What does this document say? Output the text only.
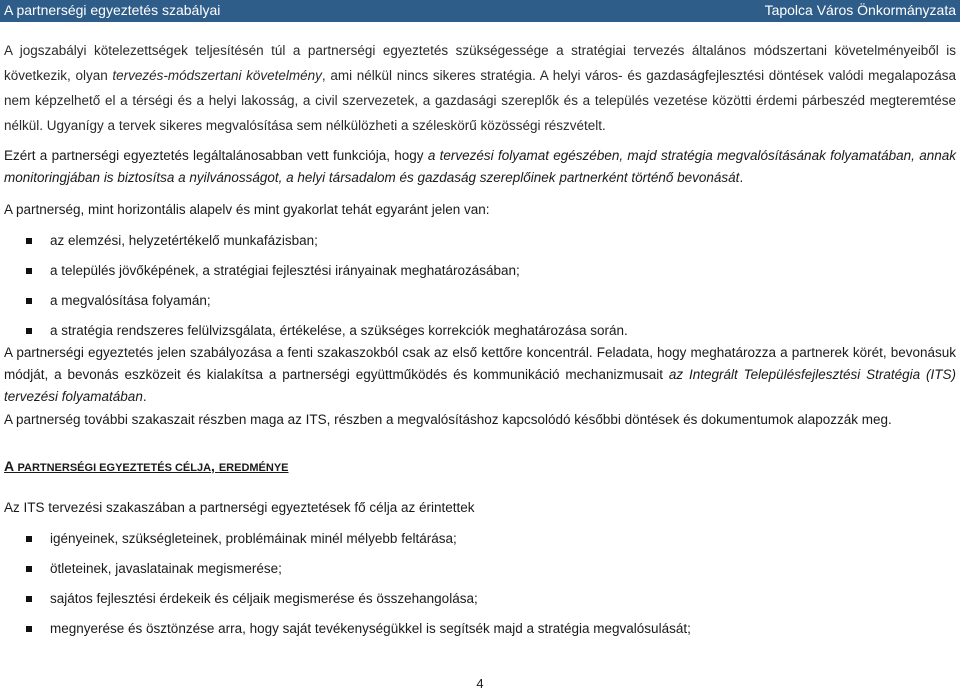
A partnerségi egyeztetés szabályai	Tapolca Város Önkormányzata

A jogszabályi kötelezettségek teljesítésén túl a partnerségi egyeztetés szükségessége a stratégiai tervezés általános módszertani követelményeiből is következik, olyan tervezés-módszertani követelmény, ami nélkül nincs sikeres stratégia. A helyi város- és gazdaságfejlesztési döntések valódi megalapozása nem képzelhető el a térségi és a helyi lakosság, a civil szervezetek, a gazdasági szereplők és a település vezetése közötti érdemi párbeszéd megteremtése nélkül. Ugyanígy a tervek sikeres megvalósítása sem nélkülözheti a széleskörű közösségi részvételt.

Ezért a partnerségi egyeztetés legáltalánosabban vett funkciója, hogy a tervezési folyamat egészében, majd stratégia megvalósításának folyamatában, annak monitoringjában is biztosítsa a nyilvánosságot, a helyi társadalom és gazdaság szereplőinek partnerként történő bevonását.

A partnerség, mint horizontális alapelv és mint gyakorlat tehát egyaránt jelen van:

az elemzési, helyzetértékelő munkafázisban;
a település jövőképének, a stratégiai fejlesztési irányainak meghatározásában;
a megvalósítása folyamán;
a stratégia rendszeres felülvizsgálata, értékelése, a szükséges korrekciók meghatározása során.

A partnerségi egyeztetés jelen szabályozása a fenti szakaszokból csak az első kettőre koncentrál. Feladata, hogy meghatározza a partnerek körét, bevonásuk módját, a bevonás eszközeit és kialakítsa a partnerségi együttműködés és kommunikáció mechanizmusait az Integrált Településfejlesztési Stratégia (ITS) tervezési folyamatában.

A partnerség további szakaszait részben maga az ITS, részben a megvalósításhoz kapcsolódó későbbi döntések és dokumentumok alapozzák meg.

A PARTNERSÉGI EGYEZTETÉS CÉLJA, EREDMÉNYE

Az ITS tervezési szakaszában a partnerségi egyeztetések fő célja az érintettek

igényeinek, szükségleteinek, problémáinak minél mélyebb feltárása;
ötleteinek, javaslatainak megismerése;
sajátos fejlesztési érdekeik és céljaik megismerése és összehangolása;
megnyerése és ösztönzése arra, hogy saját tevékenységükkel is segítsék majd a stratégia megvalósulását;
4
